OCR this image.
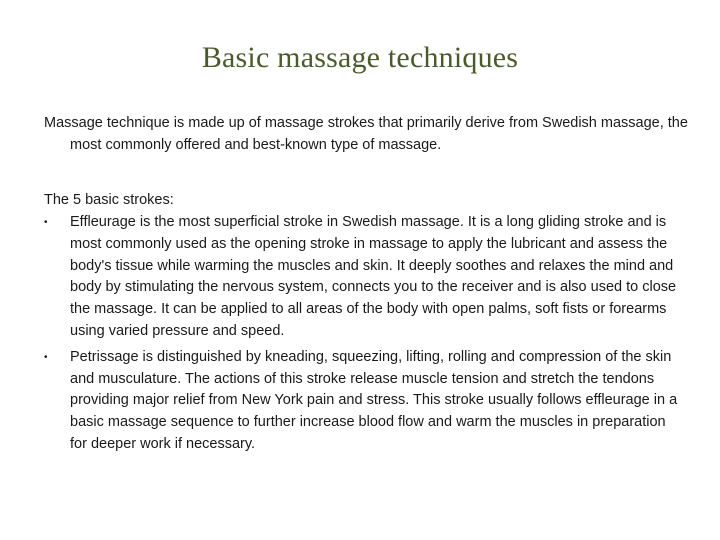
Basic massage techniques

Massage technique is made up of massage strokes that primarily derive from Swedish massage, the most commonly offered and best-known type of massage.

The 5 basic strokes:

•	Effleurage is the most superficial stroke in Swedish massage. It is a long gliding stroke and is most commonly used as the opening stroke in massage to apply the lubricant and assess the body's tissue while warming the muscles and skin. It deeply soothes and relaxes the mind and body by stimulating the nervous system, connects you to the receiver and is also used to close the massage. It can be applied to all areas of the body with open palms, soft fists or forearms using varied pressure and speed.
•	Petrissage is distinguished by kneading, squeezing, lifting, rolling and compression of the skin and musculature. The actions of this stroke release muscle tension and stretch the tendons providing major relief from New York pain and stress. This stroke usually follows effleurage in a basic massage sequence to further increase blood flow and warm the muscles in preparation for deeper work if necessary.
